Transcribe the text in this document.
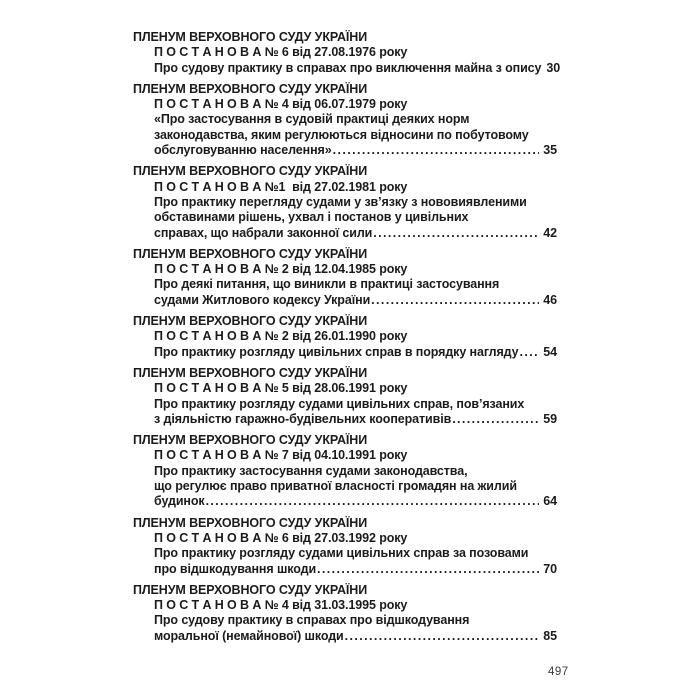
ПЛЕНУМ ВЕРХОВНОГО СУДУ УКРАЇНИ
П О С Т А Н О В А № 6 від 27.08.1976 року
Про судову практику в справах про виключення майна з опису 30
ПЛЕНУМ ВЕРХОВНОГО СУДУ УКРАЇНИ
П О С Т А Н О В А № 4 від 06.07.1979 року
«Про застосування в судовій практиці деяких норм
законодавства, яким регулюються відносини по побутовому
обслуговуванню населення» .....	35
ПЛЕНУМ ВЕРХОВНОГО СУДУ УКРАЇНИ
П О С Т А Н О В А №1  від 27.02.1981 року
Про практику перегляду судами у зв’язку з нововиявленими
обставинами рішень, ухвал і постанов у цивільних
справах, що набрали законної сили .....	42
ПЛЕНУМ ВЕРХОВНОГО СУДУ УКРАЇНИ
П О С Т А Н О В А № 2 від 12.04.1985 року
Про деякі питання, що виникли в практиці застосування
судами Житлового кодексу України .....	46
ПЛЕНУМ ВЕРХОВНОГО СУДУ УКРАЇНИ
П О С Т А Н О В А № 2 від 26.01.1990 року
Про практику розгляду цивільних справ в порядку нагляду ..... 54
ПЛЕНУМ ВЕРХОВНОГО СУДУ УКРАЇНИ
П О С Т А Н О В А № 5 від 28.06.1991 року
Про практику розгляду судами цивільних справ, пов’язаних
з діяльністю гаражно-будівельних кооперативів .....	59
ПЛЕНУМ ВЕРХОВНОГО СУДУ УКРАЇНИ
П О С Т А Н О В А № 7 від 04.10.1991 року
Про практику застосування судами законодавства,
що регулює право приватної власності громадян на жилий
будинок .....	64
ПЛЕНУМ ВЕРХОВНОГО СУДУ УКРАЇНИ
П О С Т А Н О В А № 6 від 27.03.1992 року
Про практику розгляду судами цивільних справ за позовами
про відшкодування шкоди .....	70
ПЛЕНУМ ВЕРХОВНОГО СУДУ УКРАЇНИ
П О С Т А Н О В А № 4 від 31.03.1995 року
Про судову практику в справах про відшкодування
моральної (немайнової) шкоди .....	85
497
